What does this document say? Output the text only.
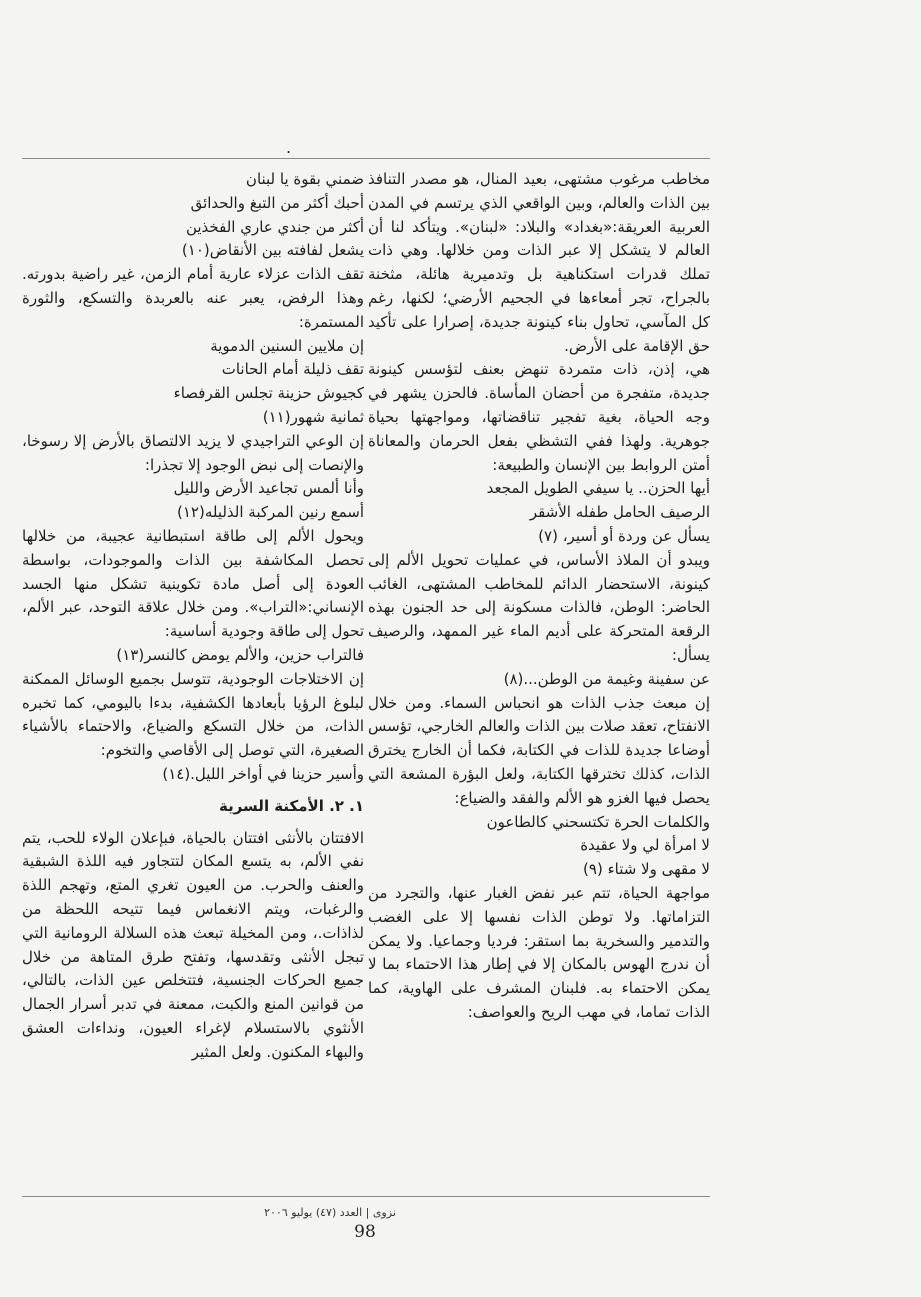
.

مخاطب مرغوب مشتهى، بعيد المنال، هو مصدر التنافذ بين الذات والعالم، وبين الواقعي الذي يرتسم في المدن العربية العريقة:«بغداد» والبلاد: «لبنان». ويتأكد لنا أن العالم لا يتشكل إلا عبر الذات ومن خلالها. وهي ذات تملك قدرات استكناهية بل وتدميرية هائلة، مثخنة بالجراح، تجر أمعاءها في الجحيم الأرضي؛ لكنها، رغم كل المآسي، تحاول بناء كينونة جديدة، إصرارا على تأكيد حق الإقامة على الأرض.

هي، إذن، ذات متمردة تنهض بعنف لتؤسس كينونة جديدة، متفجرة من أحضان المأساة. فالحزن يشهر في وجه الحياة، بغية تفجير تناقضاتها، ومواجهتها بحياة جوهرية. ولهذا ففي التشظي بفعل الحرمان والمعاناة أمتن الروابط بين الإنسان والطبيعة:

أيها الحزن.. يا سيفي الطويل المجعد

الرصيف الحامل طفله الأشقر

يسأل عن وردة أو أسير، (٧)

ويبدو أن الملاذ الأساس، في عمليات تحويل الألم إلى كينونة، الاستحضار الدائم للمخاطب المشتهى، الغائب الحاضر: الوطن، فالذات مسكونة إلى حد الجنون بهذه الرقعة المتحركة على أديم الماء غير الممهد، والرصيف يسأل:

عن سفينة وغيمة من الوطن...(٨)

إن مبعث جذب الذات هو انحباس السماء. ومن خلال الانفتاح، تعقد صلات بين الذات والعالم الخارجي، تؤسس أوضاعا جديدة للذات في الكتابة، فكما أن الخارج يخترق الذات، كذلك تخترقها الكتابة، ولعل البؤرة المشعة التي يحصل فيها الغزو هو الألم والفقد والضياع:

والكلمات الحرة تكتسحني كالطاعون

لا امرأة لي ولا عقيدة

لا مقهى ولا شتاء (٩)

مواجهة الحياة، تتم عبر نفض الغبار عنها، والتجرد من التزاماتها. ولا توطن الذات نفسها إلا على الغضب والتدمير والسخرية بما استقر: فرديا وجماعيا. ولا يمكن أن ندرج الهوس بالمكان إلا في إطار هذا الاحتماء بما لا يمكن الاحتماء به. فلبنان المشرف على الهاوية، كما الذات تماما، في مهب الريح والعواصف:

ضمني بقوة يا لبنان

أحبك أكثر من التبغ والحدائق

أكثر من جندي عاري الفخذين

يشعل لفافته بين الأنقاض(١٠)

تقف الذات عزلاء عارية أمام الزمن، غير راضية بدورته. وهذا الرفض، يعبر عنه بالعربدة والتسكع، والثورة المستمرة:

إن ملايين السنين الدموية

تقف ذليلة أمام الحانات

كجيوش حزينة تجلس القرفصاء

ثمانية شهور(١١)

إن الوعي التراجيدي لا يزيد الالتصاق بالأرض إلا رسوخا، والإنصات إلى نبض الوجود إلا تجذرا:

وأنا ألمس تجاعيد الأرض والليل

أسمع رنين المركبة الذليله(١٢)

ويحول الألم إلى طاقة استبطانية عجيبة، من خلالها تحصل المكاشفة بين الذات والموجودات، بواسطة العودة إلى أصل مادة تكوينية تشكل منها الجسد الإنساني:«التراب». ومن خلال علاقة التوحد، عبر الألم، تحول إلى طاقة وجودية أساسية:

فالتراب حزين، والألم يومض كالنسر(١٣)

إن الاختلاجات الوجودية، تتوسل بجميع الوسائل الممكنة لبلوغ الرؤيا بأبعادها الكشفية، بدءا باليومي، كما تخبره الذات، من خلال التسكع والضياع، والاحتماء بالأشياء الصغيرة، التي توصل إلى الأقاصي والتخوم:

وأسير حزينا في أواخر الليل.(١٤)

١. ٢. الأمكنة السرية

الافتتان بالأنثى افتتان بالحياة، فبإعلان الولاء للحب، يتم نفي الألم، به يتسع المكان لتتجاور فيه اللذة الشبقية والعنف والحرب. من العيون تغري المتع، وتهجم اللذة والرغبات، ويتم الانغماس فيما تتيحه اللحظة من لذاذات.، ومن المخيلة تبعث هذه السلالة الرومانية التي تبجل الأنثى وتقدسها، وتفتح طرق المتاهة من خلال جميع الحركات الجنسية، فتتخلص عين الذات، بالتالي، من قوانين المنع والكبت، ممعنة في تدبر أسرار الجمال الأنثوي بالاستسلام لإغراء العيون، ونداءات العشق والبهاء المكنون. ولعل المثير

نزوى | العدد (٤٧) يوليو ٢٠٠٦
98
